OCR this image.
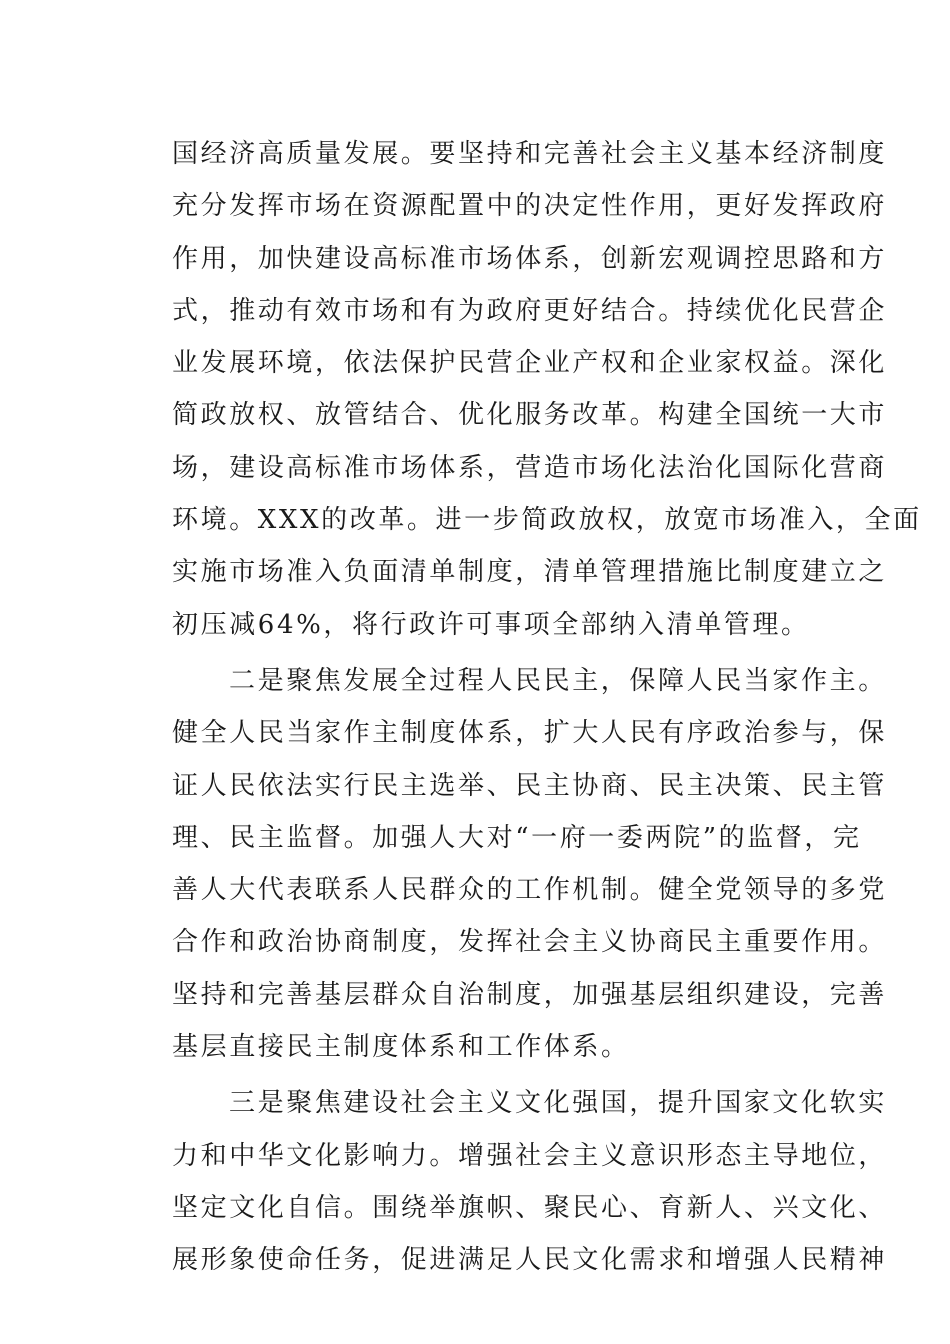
国经济高质量发展。要坚持和完善社会主义基本经济制度
充分发挥市场在资源配置中的决定性作用，更好发挥政府
作用，加快建设高标准市场体系，创新宏观调控思路和方
式，推动有效市场和有为政府更好结合。持续优化民营企
业发展环境，依法保护民营企业产权和企业家权益。深化
简政放权、放管结合、优化服务改革。构建全国统一大市
场，建设高标准市场体系，营造市场化法治化国际化营商
环境。XXX的改革。进一步简政放权，放宽市场准入，全面
实施市场准入负面清单制度，清单管理措施比制度建立之
初压减64%，将行政许可事项全部纳入清单管理。
二是聚焦发展全过程人民民主，保障人民当家作主。
健全人民当家作主制度体系，扩大人民有序政治参与，保
证人民依法实行民主选举、民主协商、民主决策、民主管
理、民主监督。加强人大对“一府一委两院”的监督，完
善人大代表联系人民群众的工作机制。健全党领导的多党
合作和政治协商制度，发挥社会主义协商民主重要作用。
坚持和完善基层群众自治制度，加强基层组织建设，完善
基层直接民主制度体系和工作体系。
三是聚焦建设社会主义文化强国，提升国家文化软实
力和中华文化影响力。增强社会主义意识形态主导地位，
坚定文化自信。围绕举旗帜、聚民心、育新人、兴文化、
展形象使命任务，促进满足人民文化需求和增强人民精神
